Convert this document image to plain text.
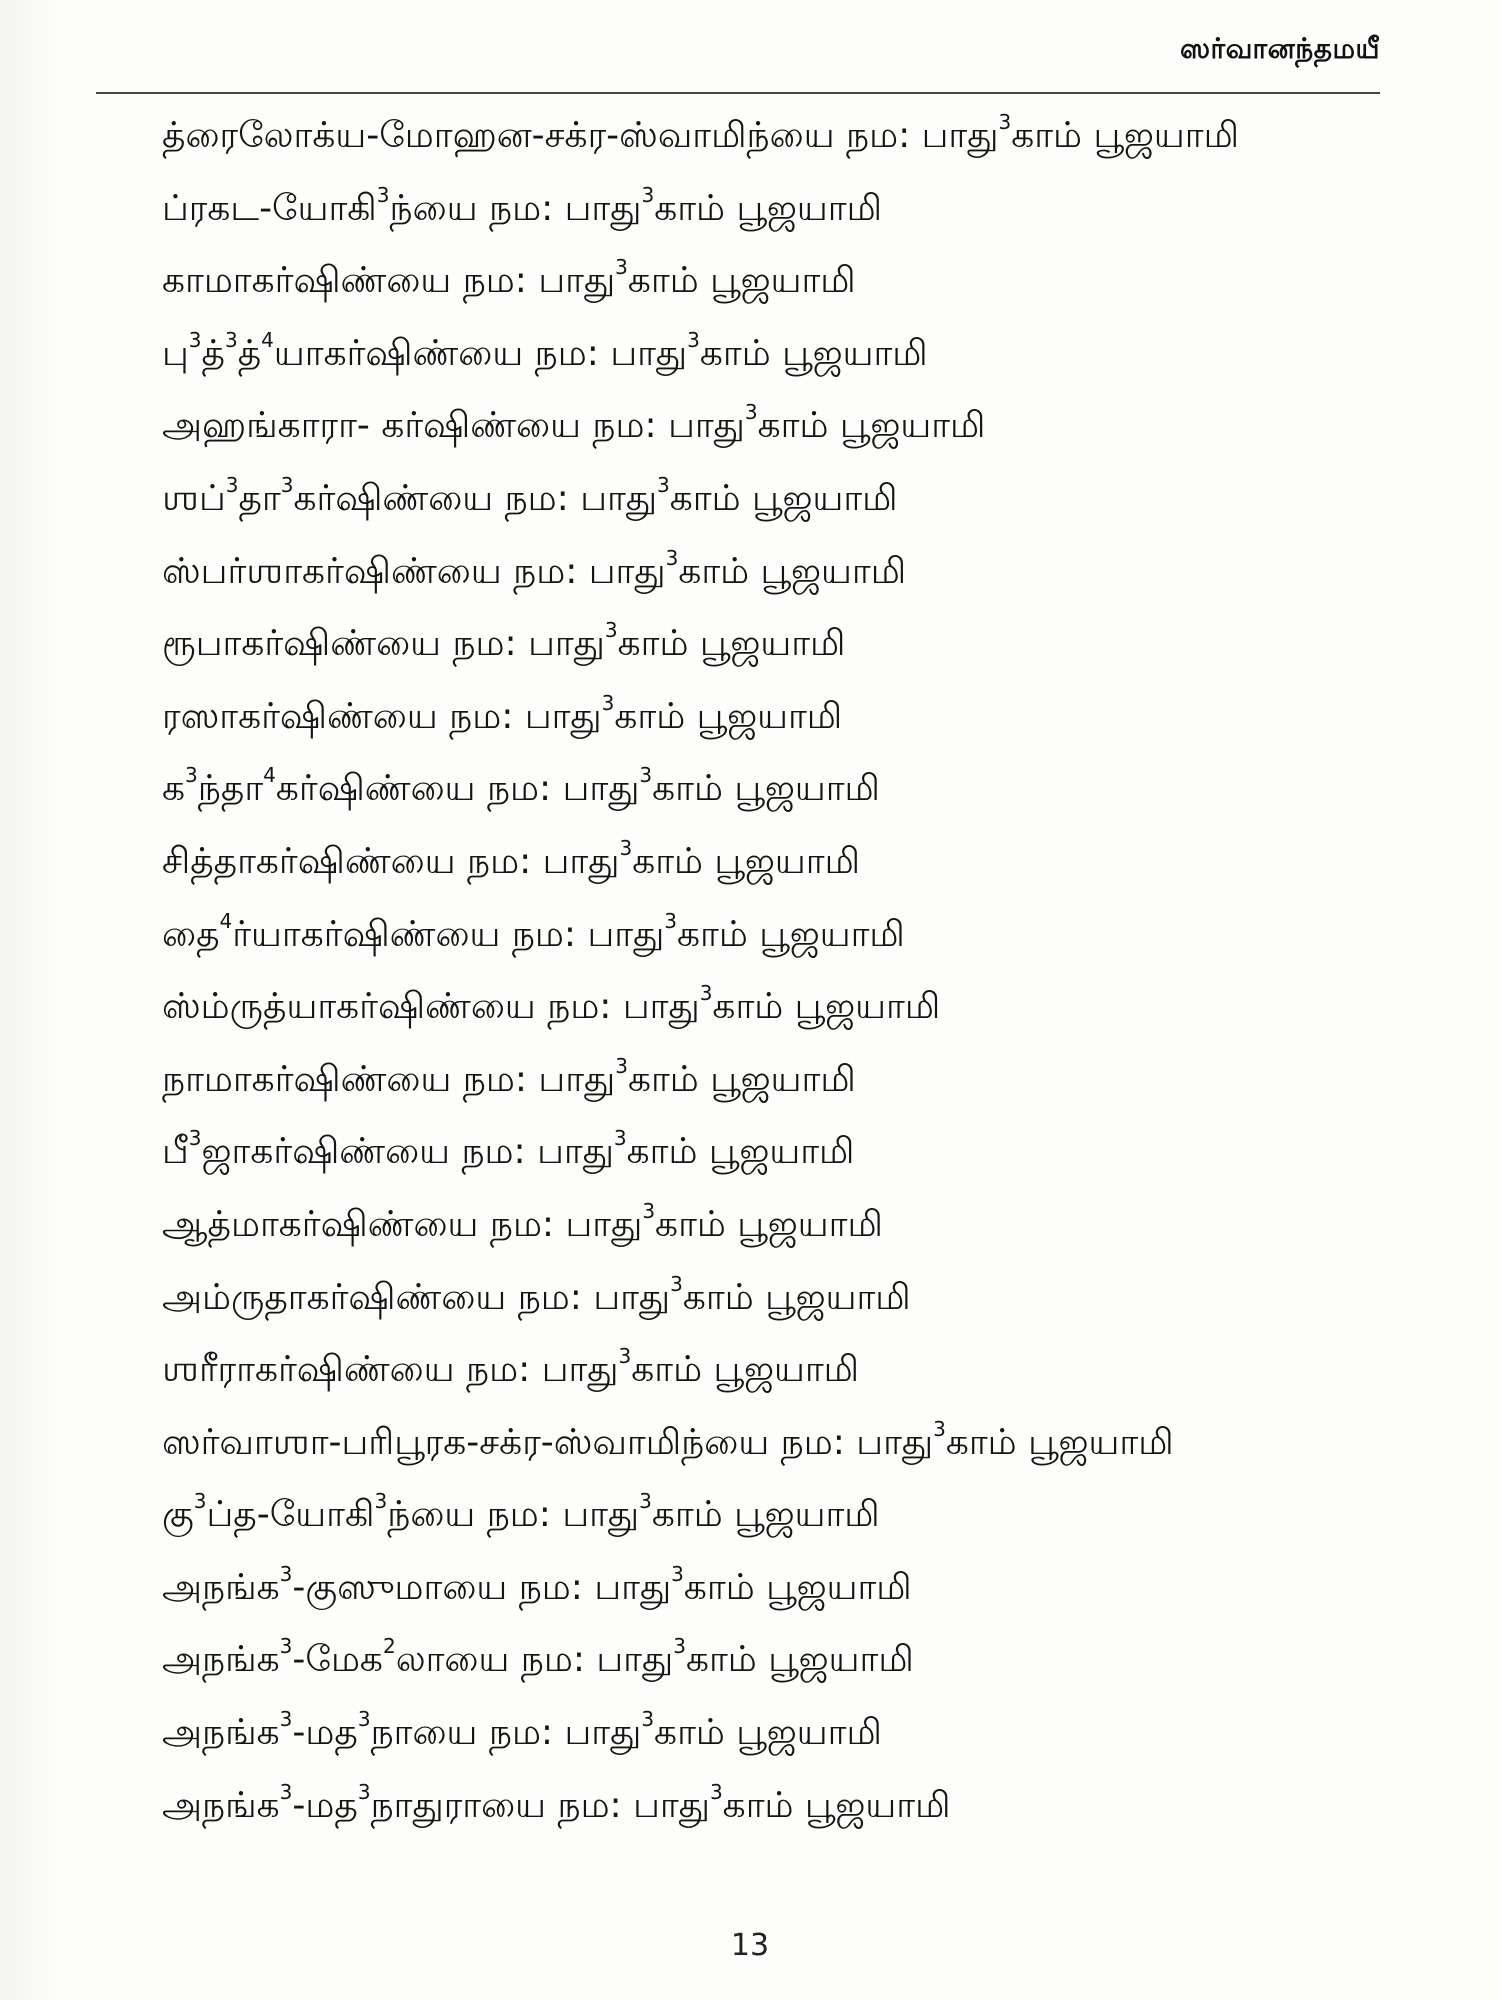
ஸர்வானந்தமயீ
த்ரைலோக்ய-மோஹன-சக்ர-ஸ்வாமிந்யை நம: பாது$^3$காம் பூஜயாமி
ப்ரகட-யோகி$^3$ந்யை நம: பாது$^3$காம் பூஜயாமி
காமாகர்ஷிண்யை நம: பாது$^3$காம் பூஜயாமி
பு$^3$த்$^3$த்$^4$யாகர்ஷிண்யை நம: பாது$^3$காம் பூஜயாமி
அஹங்காரா- கர்ஷிண்யை நம: பாது$^3$காம் பூஜயாமி
ஶப்$^3$தா$^3$கர்ஷிண்யை நம: பாது$^3$காம் பூஜயாமி
ஸ்பர்ஶாகர்ஷிண்யை நம: பாது$^3$காம் பூஜயாமி
ரூபாகர்ஷிண்யை நம: பாது$^3$காம் பூஜயாமி
ரஸாகர்ஷிண்யை நம: பாது$^3$காம் பூஜயாமி
க$^3$ந்தா$^4$கர்ஷிண்யை நம: பாது$^3$காம் பூஜயாமி
சித்தாகர்ஷிண்யை நம: பாது$^3$காம் பூஜயாமி
தை$^4$ர்யாகர்ஷிண்யை நம: பாது$^3$காம் பூஜயாமி
ஸ்ம்ருத்யாகர்ஷிண்யை நம: பாது$^3$காம் பூஜயாமி
நாமாகர்ஷிண்யை நம: பாது$^3$காம் பூஜயாமி
பீ$^3$ஜாகர்ஷிண்யை நம: பாது$^3$காம் பூஜயாமி
ஆத்மாகர்ஷிண்யை நம: பாது$^3$காம் பூஜயாமி
அம்ருதாகர்ஷிண்யை நம: பாது$^3$காம் பூஜயாமி
ஶரீராகர்ஷிண்யை நம: பாது$^3$காம் பூஜயாமி
ஸர்வாஶா-பரிபூரக-சக்ர-ஸ்வாமிந்யை நம: பாது$^3$காம் பூஜயாமி
கு$^3$ப்த-யோகி$^3$ந்யை நம: பாது$^3$காம் பூஜயாமி
அநங்க$^3$-குஸுமாயை நம: பாது$^3$காம் பூஜயாமி
அநங்க$^3$-மேக$^2$லாயை நம: பாது$^3$காம் பூஜயாமி
அநங்க$^3$-மத$^3$நாயை நம: பாது$^3$காம் பூஜயாமி
அநங்க$^3$-மத$^3$நாதுராயை நம: பாது$^3$காம் பூஜயாமி
13
